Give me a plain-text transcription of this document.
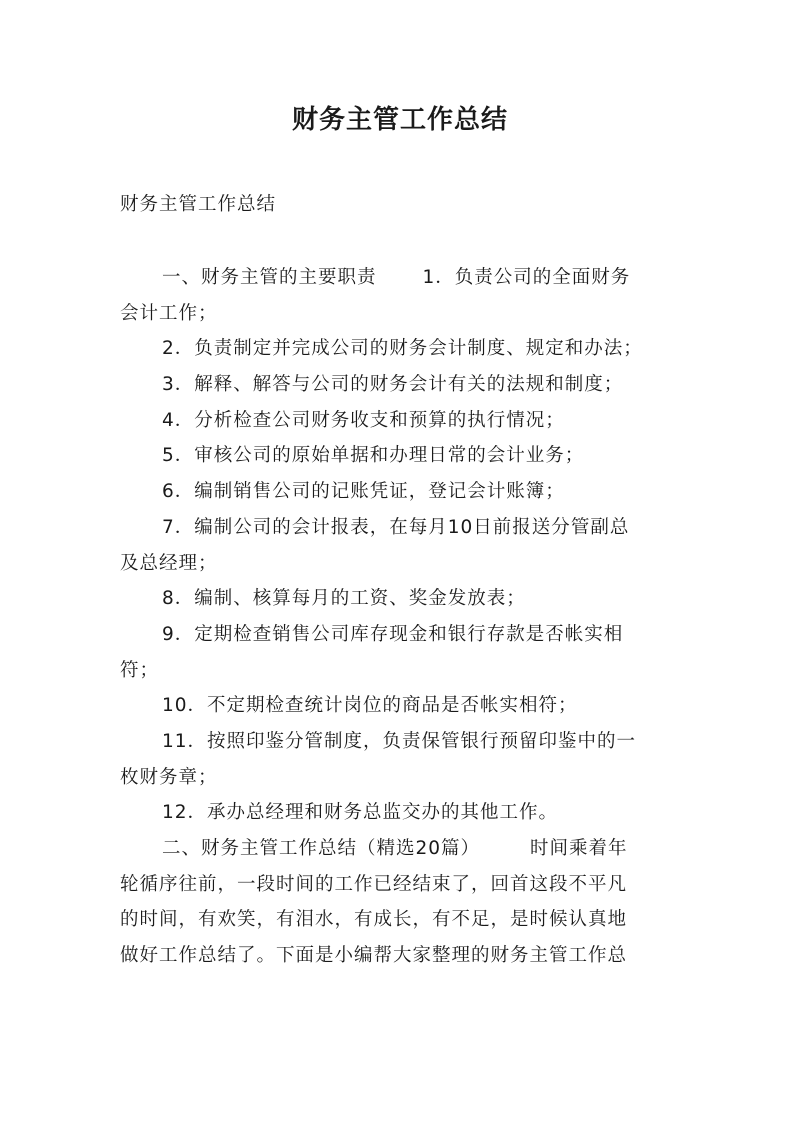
财务主管工作总结
财务主管工作总结
一、财务主管的主要职责 1．负责公司的全面财务
会计工作；
2．负责制定并完成公司的财务会计制度、规定和办法；
3．解释、解答与公司的财务会计有关的法规和制度；
4．分析检查公司财务收支和预算的执行情况；
5．审核公司的原始单据和办理日常的会计业务；
6．编制销售公司的记账凭证，登记会计账簿；
7．编制公司的会计报表，在每月10日前报送分管副总
及总经理；
8．编制、核算每月的工资、奖金发放表；
9．定期检查销售公司库存现金和银行存款是否帐实相
符；
10．不定期检查统计岗位的商品是否帐实相符；
11．按照印鉴分管制度，负责保管银行预留印鉴中的一
枚财务章；
12．承办总经理和财务总监交办的其他工作。
二、财务主管工作总结（精选20篇）	时间乘着年
轮循序往前，一段时间的工作已经结束了，回首这段不平凡
的时间，有欢笑，有泪水，有成长，有不足，是时候认真地
做好工作总结了。下面是小编帮大家整理的财务主管工作总
